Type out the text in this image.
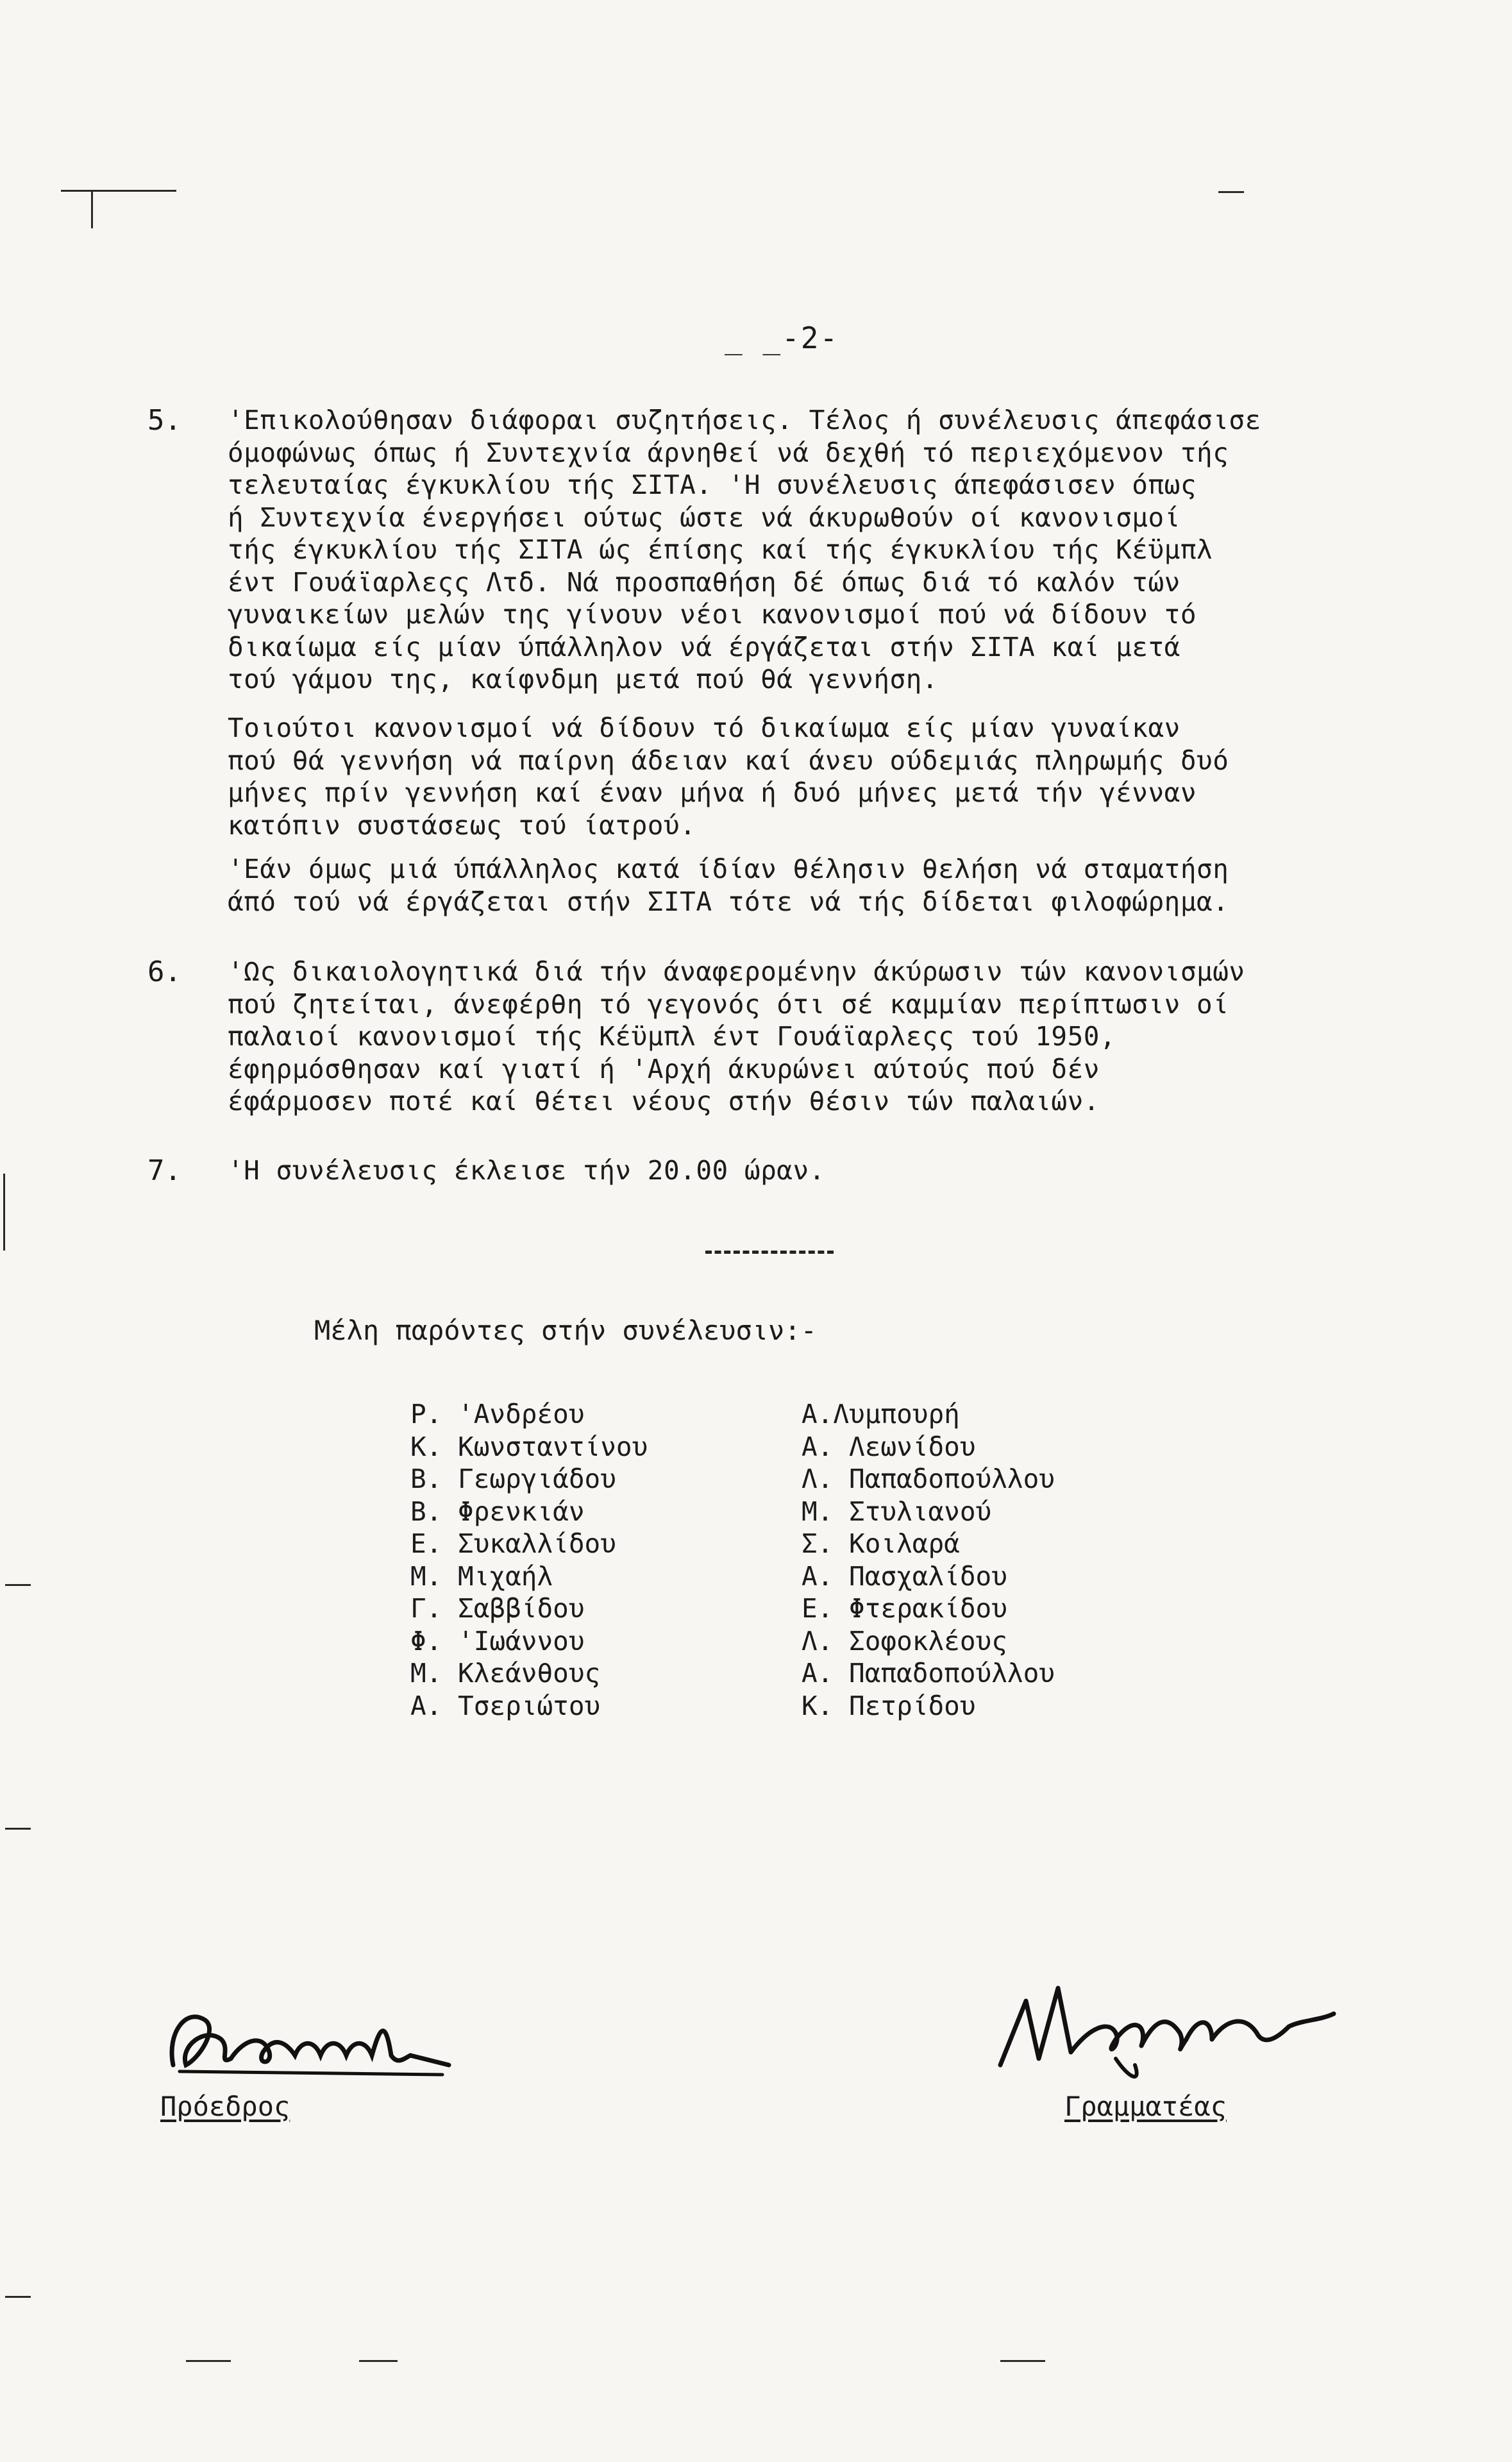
_ _-2-
5. 'Επικολούθησαν διάφοραι συζητήσεις. Τέλος ή συνέλευσις άπεφάσισε
όμοφώνως όπως ή Συντεχνία άρνηθεί νά δεχθή τό περιεχόμενον τής
τελευταίας έγκυκλίου τής ΣΙΤΑ. 'Η συνέλευσις άπεφάσισεν όπως
ή Συντεχνία ένεργήσει ούτως ώστε νά άκυρωθούν οί κανονισμοί
τής έγκυκλίου τής ΣΙΤΑ ώς έπίσης καί τής έγκυκλίου τής Κέϋμπλ
έντ Γουάϊαρλεςς Λτδ. Νά προσπαθήση δέ όπως διά τό καλόν τών
γυναικείων μελών της γίνουν νέοι κανονισμοί πού νά δίδουν τό
δικαίωμα είς μίαν ύπάλληλον νά έργάζεται στήν ΣΙΤΑ καί μετά
τού γάμου της, καίφνδμη μετά πού θά γεννήση.
Τοιούτοι κανονισμοί νά δίδουν τό δικαίωμα είς μίαν γυναίκαν
πού θά γεννήση νά παίρνη άδειαν καί άνευ ούδεμιάς πληρωμής δυό
μήνες πρίν γεννήση καί έναν μήνα ή δυό μήνες μετά τήν γένναν
κατόπιν συστάσεως τού ίατρού.
'Εάν όμως μιά ύπάλληλος κατά ίδίαν θέλησιν θελήση νά σταματήση
άπό τού νά έργάζεται στήν ΣΙΤΑ τότε νά τής δίδεται φιλοφώρημα.
6. 'Ως δικαιολογητικά διά τήν άναφερομένην άκύρωσιν τών κανονισμών
πού ζητείται, άνεφέρθη τό γεγονός ότι σέ καμμίαν περίπτωσιν οί
παλαιοί κανονισμοί τής Κέϋμπλ έντ Γουάϊαρλεςς τού 1950,
έφηρμόσθησαν καί γιατί ή 'Αρχή άκυρώνει αύτούς πού δέν
έφάρμοσεν ποτέ καί θέτει νέους στήν θέσιν τών παλαιών.
7. 'Η συνέλευσις έκλεισε τήν 20.00 ώραν.
Μέλη παρόντες στήν συνέλευσιν:-
Ρ. 'Ανδρέου
Κ. Κωνσταντίνου
Β. Γεωργιάδου
Β. Φρενκιάν
Ε. Συκαλλίδου
Μ. Μιχαήλ
Γ. Σαββίδου
Φ. 'Ιωάννου
Μ. Κλεάνθους
Α. Τσεριώτου
Α.Λυμπουρή
Α. Λεωνίδου
Λ. Παπαδοπούλλου
Μ. Στυλιανού
Σ. Κοιλαρά
Α. Πασχαλίδου
Ε. Φτερακίδου
Λ. Σοφοκλέους
Α. Παπαδοπούλλου
Κ. Πετρίδου
Πρόεδρος	Γραμματέας
